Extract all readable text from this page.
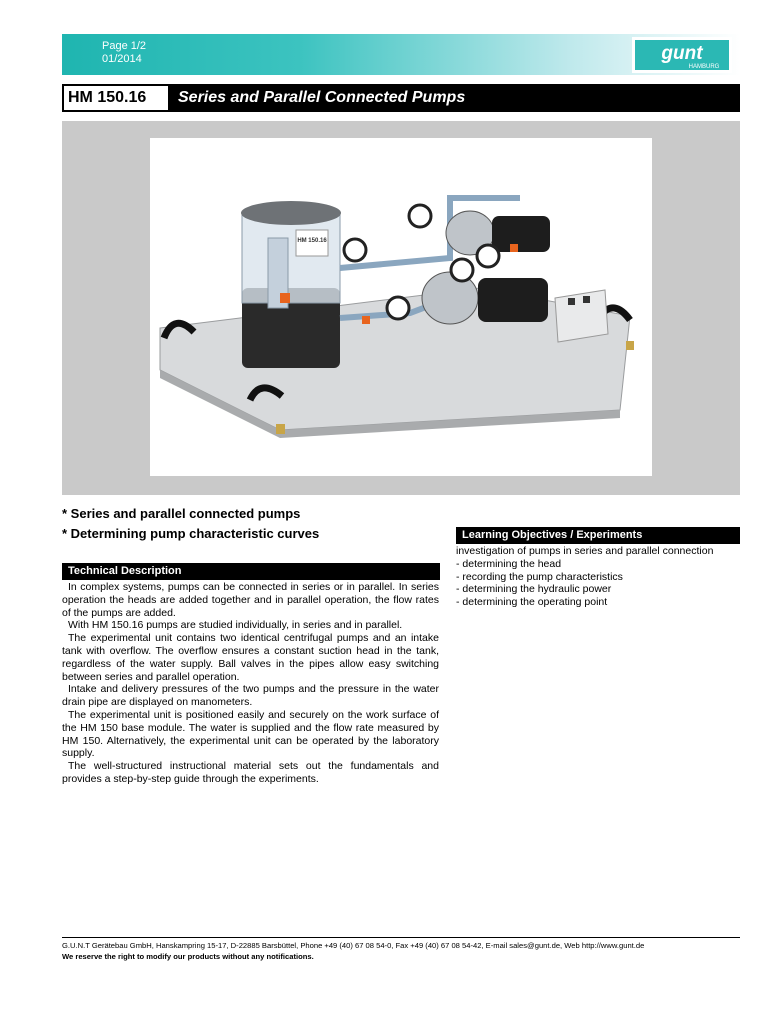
Page 1/2
01/2014	gunt
HAMBURG
HM 150.16	Series and Parallel Connected Pumps
HM 150.16
* Series and parallel connected pumps
* Determining pump characteristic curves
Technical Description

In complex systems, pumps can be connected in series or in parallel. In series operation the heads are added together and in parallel operation, the flow rates of the pumps are added.

With HM 150.16 pumps are studied individually, in series and in parallel.

The experimental unit contains two identical centrifugal pumps and an intake tank with overflow. The overflow ensures a constant suction head in the tank, regardless of the water supply. Ball valves in the pipes allow easy switching between series and parallel operation.

Intake and delivery pressures of the two pumps and the pressure in the water drain pipe are displayed on manometers.

The experimental unit is positioned easily and securely on the work surface of the HM 150 base module. The water is supplied and the flow rate measured by HM 150. Alternatively, the experimental unit can be operated by the laboratory supply.

The well-structured instructional material sets out the fundamentals and provides a step-by-step guide through the experiments.

Learning Objectives / Experiments
investigation of pumps in series and parallel connection
- determining the head
- recording the pump characteristics
- determining the hydraulic power
- determining the operating point
G.U.N.T Gerätebau GmbH, Hanskampring 15-17, D-22885 Barsbüttel, Phone +49 (40) 67 08 54-0, Fax +49 (40) 67 08 54-42, E-mail sales@gunt.de, Web http://www.gunt.de
We reserve the right to modify our products without any notifications.
